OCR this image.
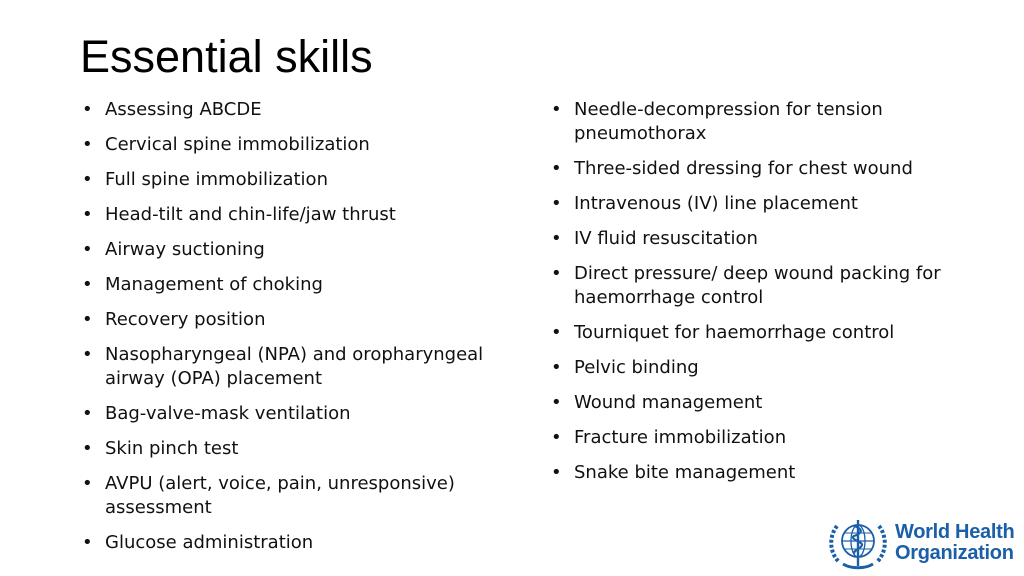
Essential skills
• Assessing ABCDE
• Cervical spine immobilization
• Full spine immobilization
• Head-tilt and chin-life/jaw thrust
• Airway suctioning
• Management of choking
• Recovery position
• Nasopharyngeal (NPA) and oropharyngeal airway (OPA) placement
• Bag-valve-mask ventilation
• Skin pinch test
• AVPU (alert, voice, pain, unresponsive) assessment
• Glucose administration
• Needle-decompression for tension pneumothorax
• Three-sided dressing for chest wound
• Intravenous (IV) line placement
• IV fluid resuscitation
• Direct pressure/ deep wound packing for haemorrhage control
• Tourniquet for haemorrhage control
• Pelvic binding
• Wound management
• Fracture immobilization
• Snake bite management
World Health
Organization
